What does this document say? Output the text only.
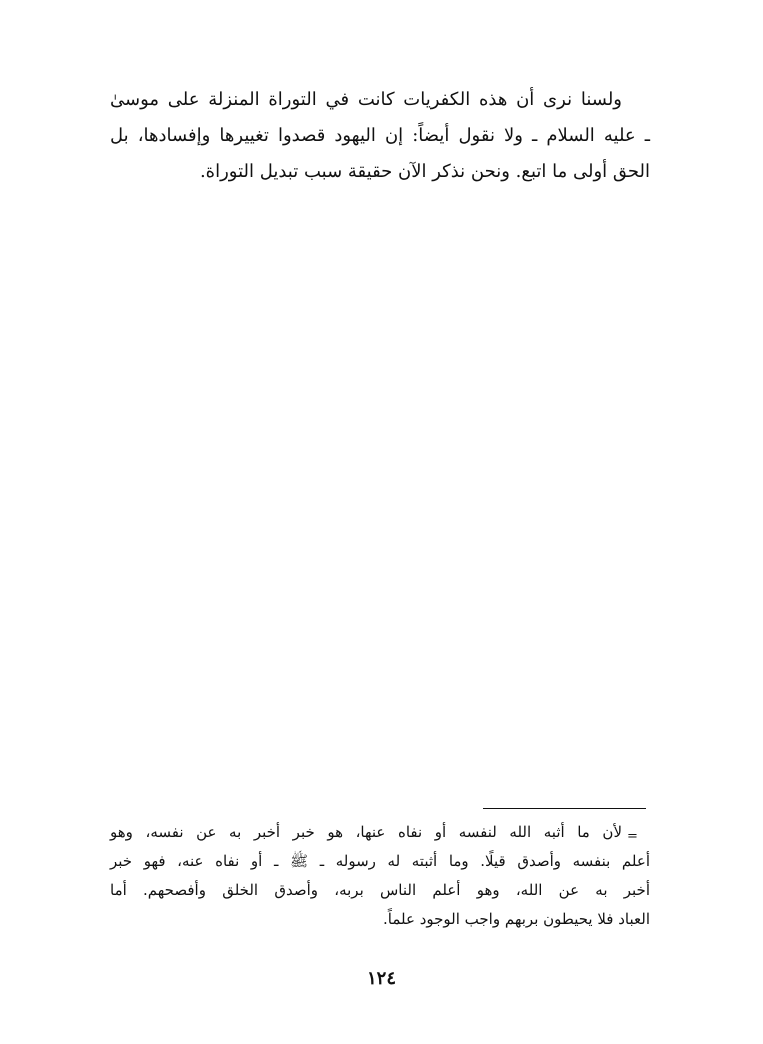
ولسنا نرى أن هذه الكفريات كانت في التوراة المنزلة على موسىٰ
ـ عليه السلام ـ ولا نقول أيضاً: إن اليهود قصدوا تغييرها وإفسادها، بل
الحق أولى ما اتبع. ونحن نذكر الآن حقيقة سبب تبديل التوراة.
=
لأن ما أثبه الله لنفسه أو نفاه عنها، هو خبر أخبر به عن نفسه، وهو
أعلم بنفسه وأصدق قيلًا. وما أثبته له رسوله ـ ﷺ ـ أو نفاه عنه، فهو خبر
أخبر به عن الله، وهو أعلم الناس بربه، وأصدق الخلق وأفصحهم. أما
العباد فلا يحيطون بربهم واجب الوجود علماً.
١٢٤
